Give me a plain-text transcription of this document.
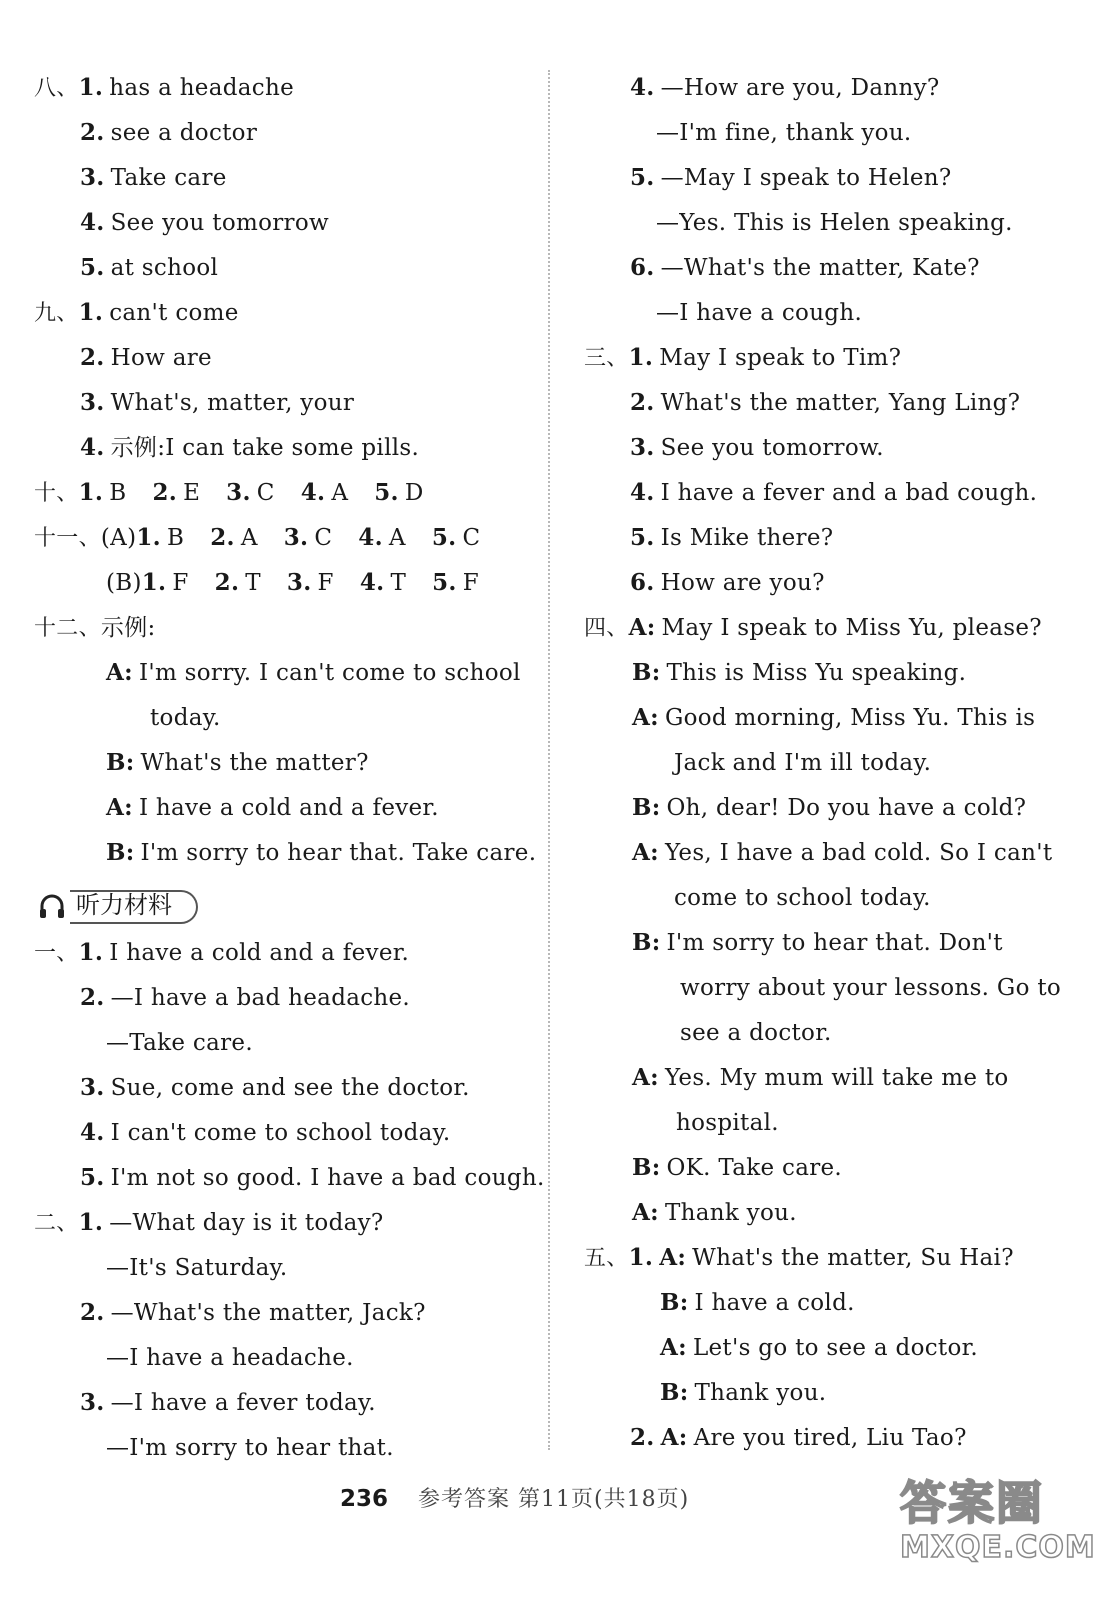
八、1. has a headache
2. see a doctor
3. Take care
4. See you tomorrow
5. at school
九、1. can't come
2. How are
3. What's, matter, your
4. 示例:I can take some pills.
十、1. B 2. E 3. C 4. A 5. D
十一、(A)1. B 2. A 3. C 4. A 5. C
(B)1. F 2. T 3. F 4. T 5. F
十二、示例:
A: I'm sorry. I can't come to school
today.
B: What's the matter?
A: I have a cold and a fever.
B: I'm sorry to hear that. Take care.
听力材料
一、1. I have a cold and a fever.
2. —I have a bad headache.
—Take care.
3. Sue, come and see the doctor.
4. I can't come to school today.
5. I'm not so good. I have a bad cough.
二、1. —What day is it today?
—It's Saturday.
2. —What's the matter, Jack?
—I have a headache.
3. —I have a fever today.
—I'm sorry to hear that.
4. —How are you, Danny?
—I'm fine, thank you.
5. —May I speak to Helen?
—Yes. This is Helen speaking.
6. —What's the matter, Kate?
—I have a cough.
三、1. May I speak to Tim?
2. What's the matter, Yang Ling?
3. See you tomorrow.
4. I have a fever and a bad cough.
5. Is Mike there?
6. How are you?
四、A: May I speak to Miss Yu, please?
B: This is Miss Yu speaking.
A: Good morning, Miss Yu. This is
Jack and I'm ill today.
B: Oh, dear! Do you have a cold?
A: Yes, I have a bad cold. So I can't
come to school today.
B: I'm sorry to hear that. Don't
worry about your lessons. Go to
see a doctor.
A: Yes. My mum will take me to
hospital.
B: OK. Take care.
A: Thank you.
五、1. A: What's the matter, Su Hai?
B: I have a cold.
A: Let's go to see a doctor.
B: Thank you.
2. A: Are you tired, Liu Tao?
236 参考答案 第11页(共18页)	答案圈
MXQE.COM
